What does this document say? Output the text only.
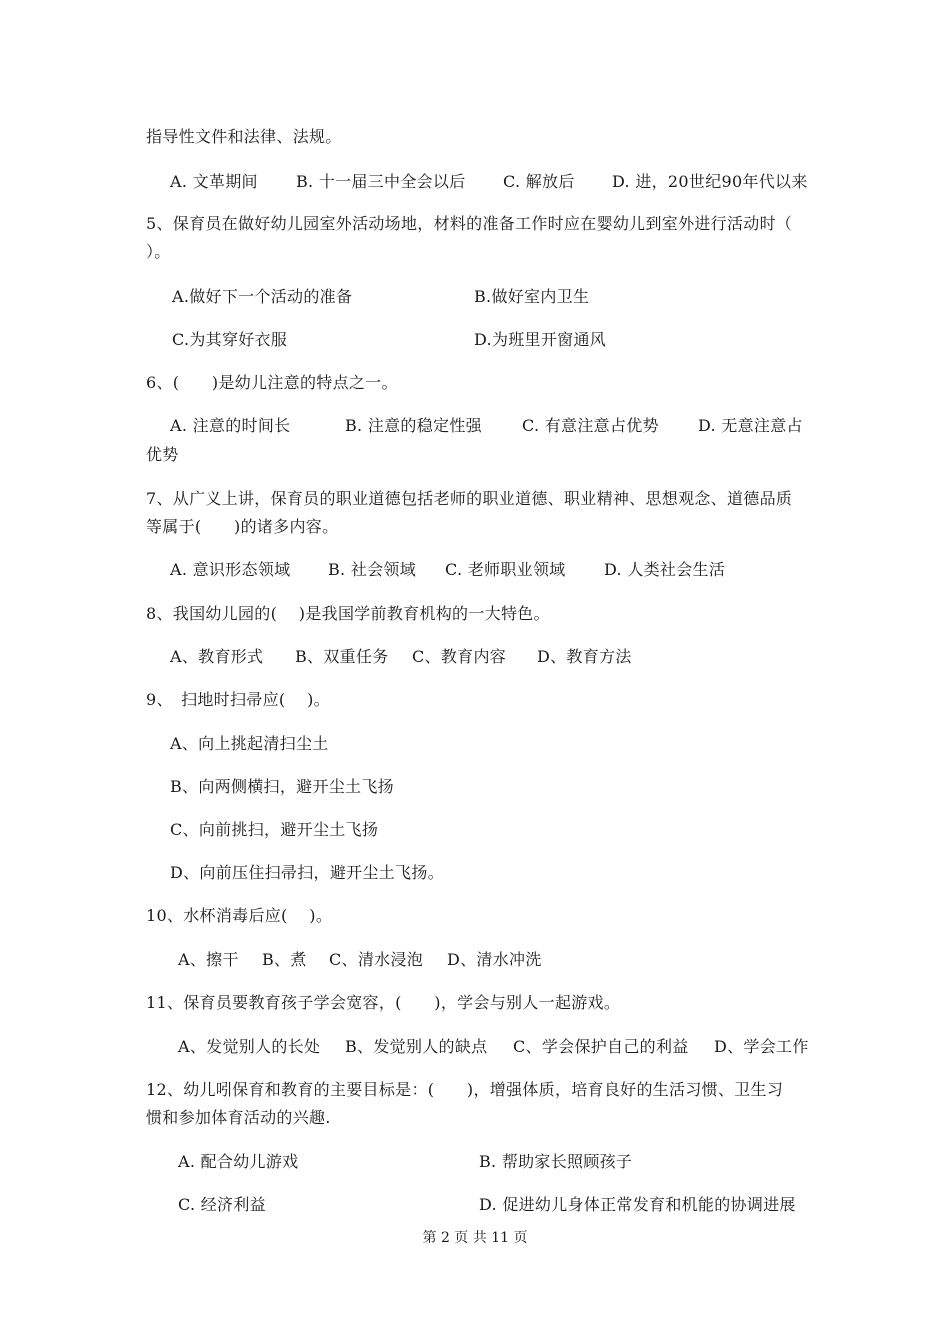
指导性文件和法律、法规。
A. 文革期间 B. 十一届三中全会以后 C. 解放后 D. 进，20世纪90年代以来
5、保育员在做好幼儿园室外活动场地，材料的准备工作时应在婴幼儿到室外进行活动时（
）。
A.做好下一个活动的准备	B.做好室内卫生
C.为其穿好衣服	D.为班里开窗通风
6、(　　)是幼儿注意的特点之一。
A. 注意的时间长	B. 注意的稳定性强	C. 有意注意占优势 D. 无意注意占
优势
7、从广义上讲，保育员的职业道德包括老师的职业道德、职业精神、思想观念、道德品质
等属于(　　)的诸多内容。
A. 意识形态领域 B. 社会领域 C. 老师职业领域 D. 人类社会生活
8、我国幼儿园的(　 )是我国学前教育机构的一大特色。
A、教育形式 B、双重任务 C、教育内容 D、教育方法
9、　扫地时扫帚应(　 )。
A、向上挑起清扫尘土
B、向两侧横扫，避开尘土飞扬
C、向前挑扫，避开尘土飞扬
D、向前压住扫帚扫，避开尘土飞扬。
10、水杯消毒后应(　 )。
A、擦干 B、煮 C、清水浸泡 D、清水冲洗
11、保育员要教育孩子学会宽容，(　　)，学会与别人一起游戏。
A、发觉别人的长处 B、发觉别人的缺点 C、学会保护自己的利益 D、学会工作
12、幼儿吲保育和教育的主要目标是：(　　)，增强体质，培育良好的生活习惯、卫生习
惯和参加体育活动的兴趣.
A. 配合幼儿游戏	B. 帮助家长照顾孩子
C. 经济利益	D. 促进幼儿身体正常发育和机能的协调进展
第 2 页 共 11 页
